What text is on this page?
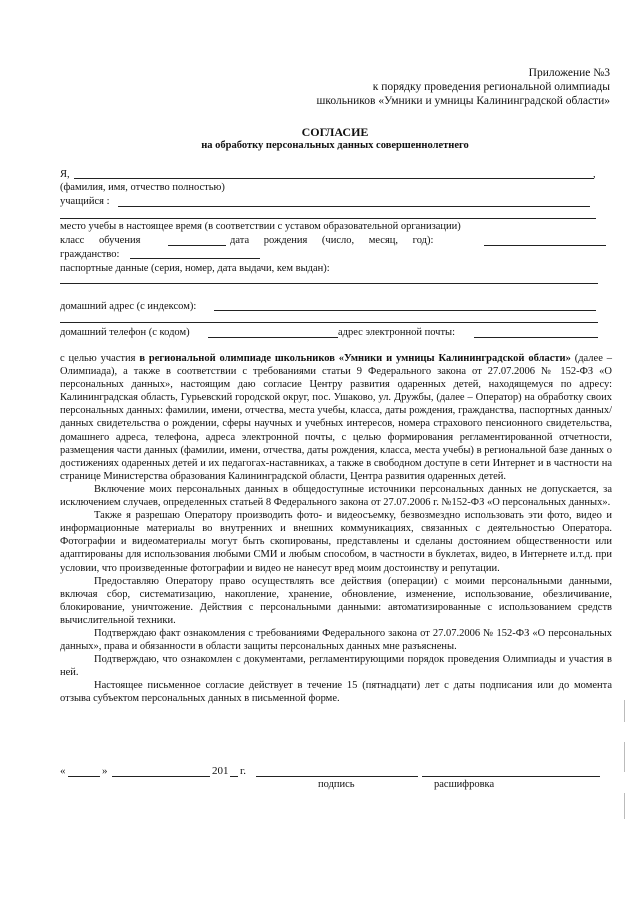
Приложение №3
к порядку проведения региональной олимпиады
школьников «Умники и умницы Калининградской области»
СОГЛАСИЕ
на обработку персональных данных совершеннолетнего
Я,	,
(фамилия, имя, отчество полностью)
учащийся :
место учебы в настоящее время (в соответствии с уставом образовательной организации)
класс обучения	дата рождения (число, месяц, год):
гражданство:
паспортные данные (серия, номер, дата выдачи, кем выдан):
домашний адрес (с индексом):
домашний телефон (с кодом)	адрес электронной почты:

с целью участия в региональной олимпиаде школьников «Умники и умницы Калининградской области» (далее – Олимпиада), а также в соответствии с требованиями статьи 9 Федерального закона от 27.07.2006 № 152-ФЗ «О персональных данных», настоящим даю согласие Центру развития одаренных детей, находящемуся по адресу: Калининградская область, Гурьевский городской округ, пос. Ушаково, ул. Дружбы, (далее – Оператор) на обработку своих персональных данных: фамилии, имени, отчества, места учебы, класса, даты рождения, гражданства, паспортных данных/данных свидетельства о рождении, сферы научных и учебных интересов, номера страхового пенсионного свидетельства, домашнего адреса, телефона, адреса электронной почты, с целью формирования регламентированной отчетности, размещения части данных (фамилии, имени, отчества, даты рождения, класса, места учебы) в региональной базе данных о достижениях одаренных детей и их педагогах-наставниках, а также в свободном доступе в сети Интернет и в частности на странице Министерства образования Калининградской области, Центра развития одаренных детей.

Включение моих персональных данных в общедоступные источники персональных данных не допускается, за исключением случаев, определенных статьей 8 Федерального закона от 27.07.2006 г. №152-ФЗ «О персональных данных».

Также я разрешаю Оператору производить фото- и видеосъемку, безвозмездно использовать эти фото, видео и информационные материалы во внутренних и внешних коммуникациях, связанных с деятельностью Оператора. Фотографии и видеоматериалы могут быть скопированы, представлены и сделаны достоянием общественности или адаптированы для использования любыми СМИ и любым способом, в частности в буклетах, видео, в Интернете и.т.д. при условии, что произведенные фотографии и видео не нанесут вред моим достоинству и репутации.

Предоставляю Оператору право осуществлять все действия (операции) с моими персональными данными, включая сбор, систематизацию, накопление, хранение, обновление, изменение, использование, обезличивание, блокирование, уничтожение. Действия с персональными данными: автоматизированные с использованием средств вычислительной техники.

Подтверждаю факт ознакомления с требованиями Федерального закона от 27.07.2006 № 152-ФЗ «О персональных данных», права и обязанности в области защиты персональных данных мне разъяснены.

Подтверждаю, что ознакомлен с документами, регламентирующими порядок проведения Олимпиады и участия в ней.

Настоящее письменное согласие действует в течение 15 (пятнадцати) лет с даты подписания или до момента отзыва субъектом персональных данных в письменной форме.

«	»	201 г.
подпись	расшифровка
